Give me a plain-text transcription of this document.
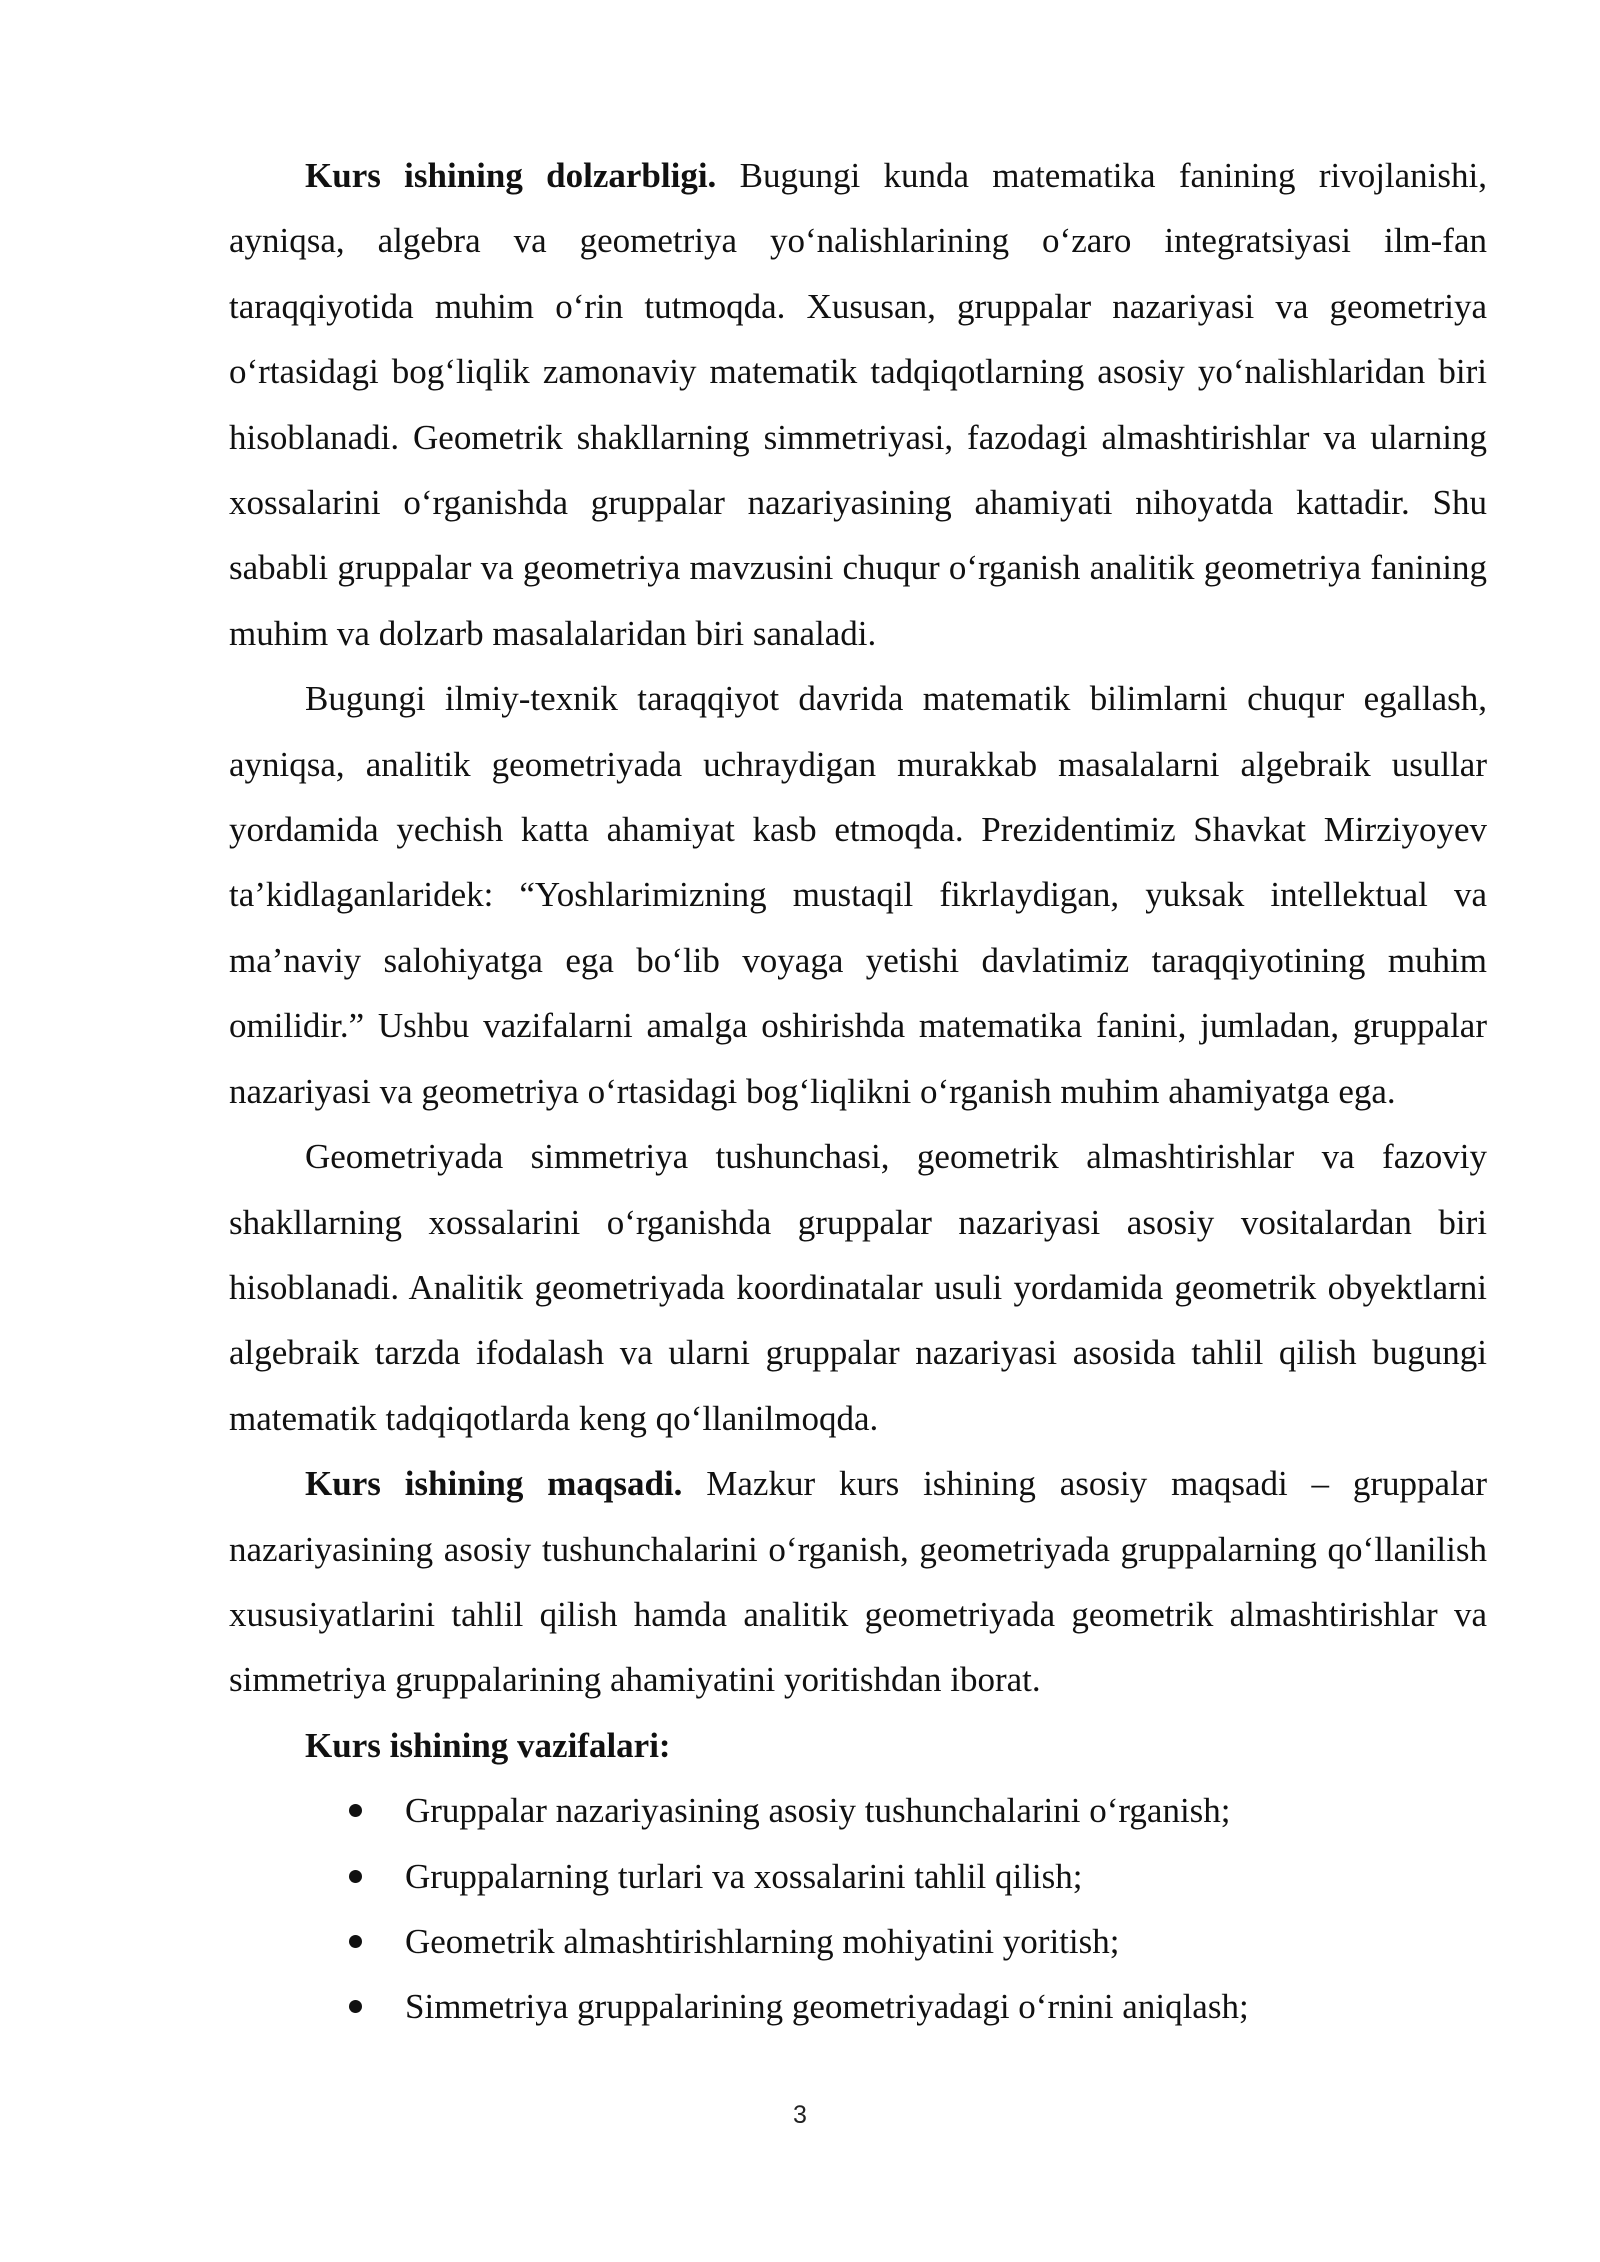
Kurs ishining dolzarbligi. Bugungi kunda matematika fanining rivojlanishi, ayniqsa, algebra va geometriya yoʻnalishlarining oʻzaro integratsiyasi ilm-fan taraqqiyotida muhim oʻrin tutmoqda. Xususan, gruppalar nazariyasi va geometriya oʻrtasidagi bogʻliqlik zamonaviy matematik tadqiqotlarning asosiy yoʻnalishlaridan biri hisoblanadi. Geometrik shakllarning simmetriyasi, fazodagi almashtirishlar va ularning xossalarini oʻrganishda gruppalar nazariyasining ahamiyati nihoyatda kattadir. Shu sababli gruppalar va geometriya mavzusini chuqur oʻrganish analitik geometriya fanining muhim va dolzarb masalalaridan biri sanaladi.

Bugungi ilmiy-texnik taraqqiyot davrida matematik bilimlarni chuqur egallash, ayniqsa, analitik geometriyada uchraydigan murakkab masalalarni algebraik usullar yordamida yechish katta ahamiyat kasb etmoqda. Prezidentimiz Shavkat Mirziyoyev ta’kidlaganlaridek: “Yoshlarimizning mustaqil fikrlaydigan, yuksak intellektual va ma’naviy salohiyatga ega boʻlib voyaga yetishi davlatimiz taraqqiyotining muhim omilidir.” Ushbu vazifalarni amalga oshirishda matematika fanini, jumladan, gruppalar nazariyasi va geometriya oʻrtasidagi bogʻliqlikni oʻrganish muhim ahamiyatga ega.

Geometriyada simmetriya tushunchasi, geometrik almashtirishlar va fazoviy shakllarning xossalarini oʻrganishda gruppalar nazariyasi asosiy vositalardan biri hisoblanadi. Analitik geometriyada koordinatalar usuli yordamida geometrik obyektlarni algebraik tarzda ifodalash va ularni gruppalar nazariyasi asosida tahlil qilish bugungi matematik tadqiqotlarda keng qoʻllanilmoqda.

Kurs ishining maqsadi. Mazkur kurs ishining asosiy maqsadi – gruppalar nazariyasining asosiy tushunchalarini oʻrganish, geometriyada gruppalarning qoʻllanilish xususiyatlarini tahlil qilish hamda analitik geometriyada geometrik almashtirishlar va simmetriya gruppalarining ahamiyatini yoritishdan iborat.

Kurs ishining vazifalari:

Gruppalar nazariyasining asosiy tushunchalarini oʻrganish;
Gruppalarning turlari va xossalarini tahlil qilish;
Geometrik almashtirishlarning mohiyatini yoritish;
Simmetriya gruppalarining geometriyadagi oʻrnini aniqlash;
3
